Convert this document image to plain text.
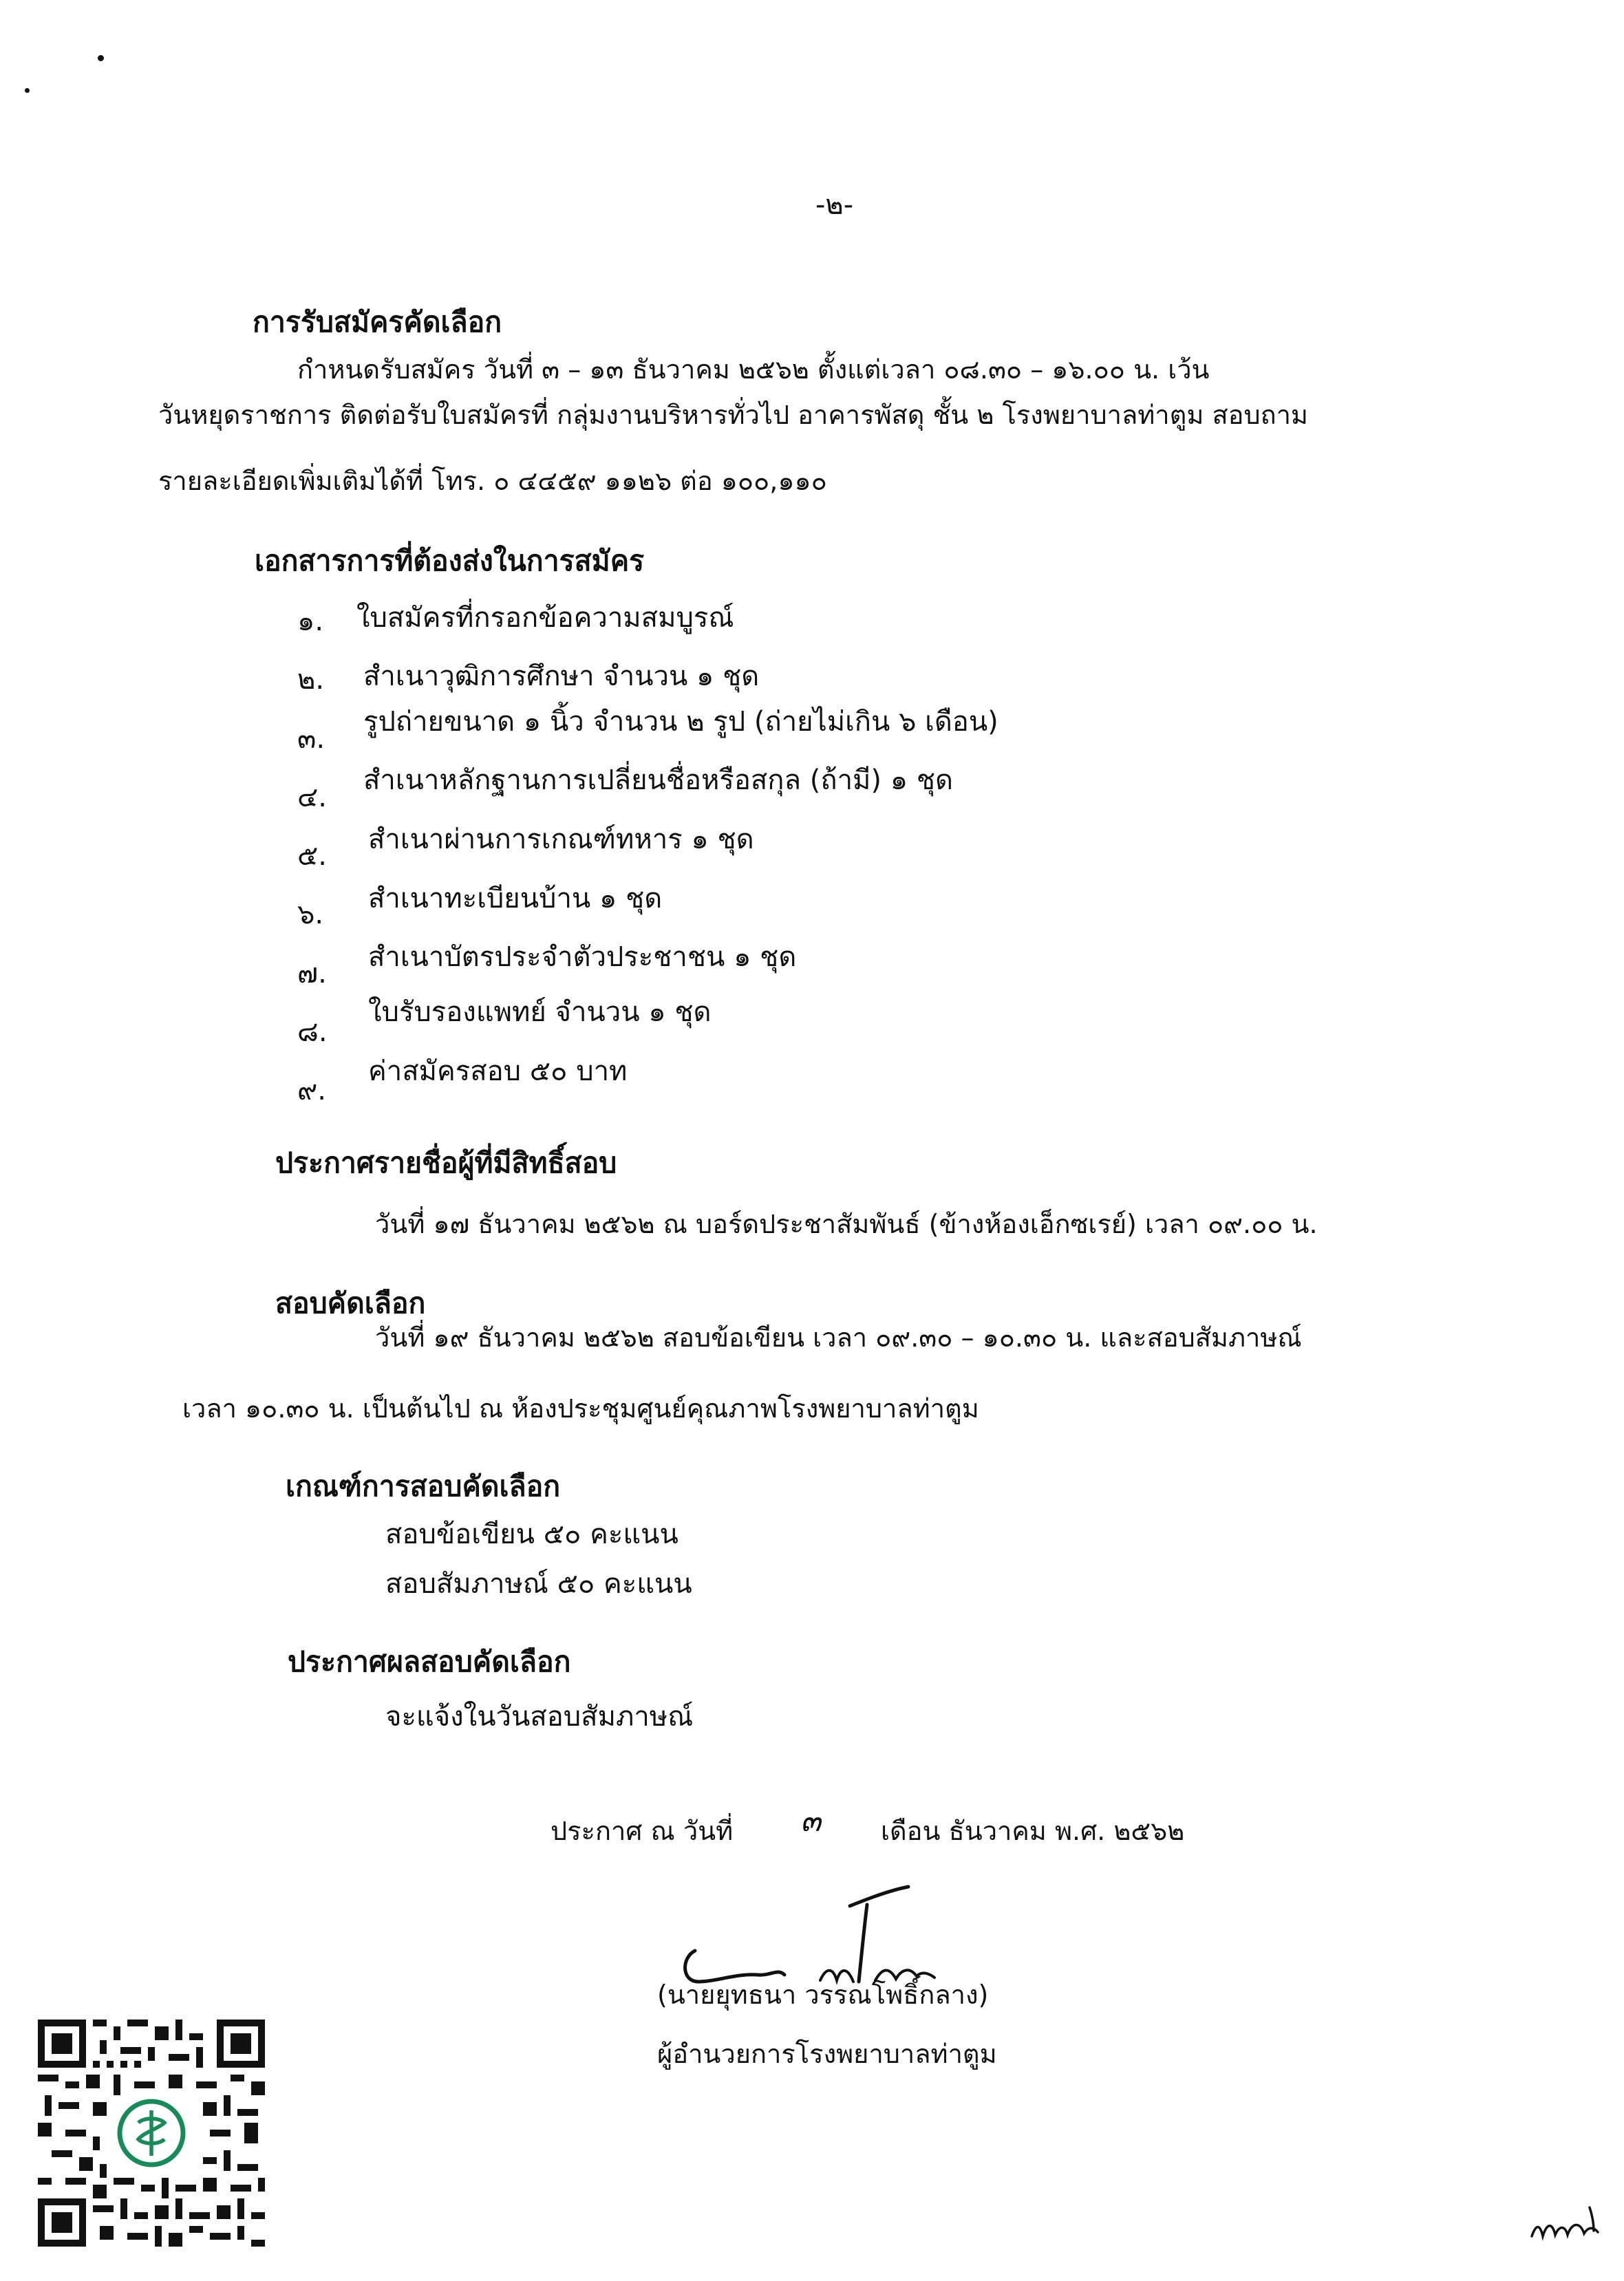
-๒-
การรับสมัครคัดเลือก
กำหนดรับสมัคร วันที่ ๓ – ๑๓ ธันวาคม ๒๕๖๒ ตั้งแต่เวลา ๐๘.๓๐ – ๑๖.๐๐ น. เว้น
วันหยุดราชการ ติดต่อรับใบสมัครที่ กลุ่มงานบริหารทั่วไป อาคารพัสดุ ชั้น ๒ โรงพยาบาลท่าตูม สอบถาม
รายละเอียดเพิ่มเติมได้ที่ โทร. ๐ ๔๔๕๙ ๑๑๒๖ ต่อ ๑๐๐,๑๑๐
เอกสารการที่ต้องส่งในการสมัคร
๑. ใบสมัครที่กรอกข้อความสมบูรณ์
๒. สำเนาวุฒิการศึกษา จำนวน ๑ ชุด
๓.
รูปถ่ายขนาด ๑ นิ้ว จำนวน ๒ รูป (ถ่ายไม่เกิน ๖ เดือน)
๔.
สำเนาหลักฐานการเปลี่ยนชื่อหรือสกุล (ถ้ามี) ๑ ชุด
๕.
สำเนาผ่านการเกณฑ์ทหาร ๑ ชุด
๖. สำเนาทะเบียนบ้าน ๑ ชุด
๗.
สำเนาบัตรประจำตัวประชาชน ๑ ชุด
๘.
ใบรับรองแพทย์ จำนวน ๑ ชุด
๙.
ค่าสมัครสอบ ๕๐ บาท
ประกาศรายชื่อผู้ที่มีสิทธิ์สอบ
วันที่ ๑๗ ธันวาคม ๒๕๖๒ ณ บอร์ดประชาสัมพันธ์ (ข้างห้องเอ็กซเรย์) เวลา ๐๙.๐๐ น.
สอบคัดเลือก
วันที่ ๑๙ ธันวาคม ๒๕๖๒ สอบข้อเขียน เวลา ๐๙.๓๐ – ๑๐.๓๐ น. และสอบสัมภาษณ์
เวลา ๑๐.๓๐ น. เป็นต้นไป ณ ห้องประชุมศูนย์คุณภาพโรงพยาบาลท่าตูม
เกณฑ์การสอบคัดเลือก
สอบข้อเขียน ๕๐ คะแนน
สอบสัมภาษณ์ ๕๐ คะแนน
ประกาศผลสอบคัดเลือก
จะแจ้งในวันสอบสัมภาษณ์
ประกาศ ณ วันที่ ๓ เดือน ธันวาคม พ.ศ. ๒๕๖๒
(นายยุทธนา วรรณโพธิ์กลาง)
ผู้อำนวยการโรงพยาบาลท่าตูม
